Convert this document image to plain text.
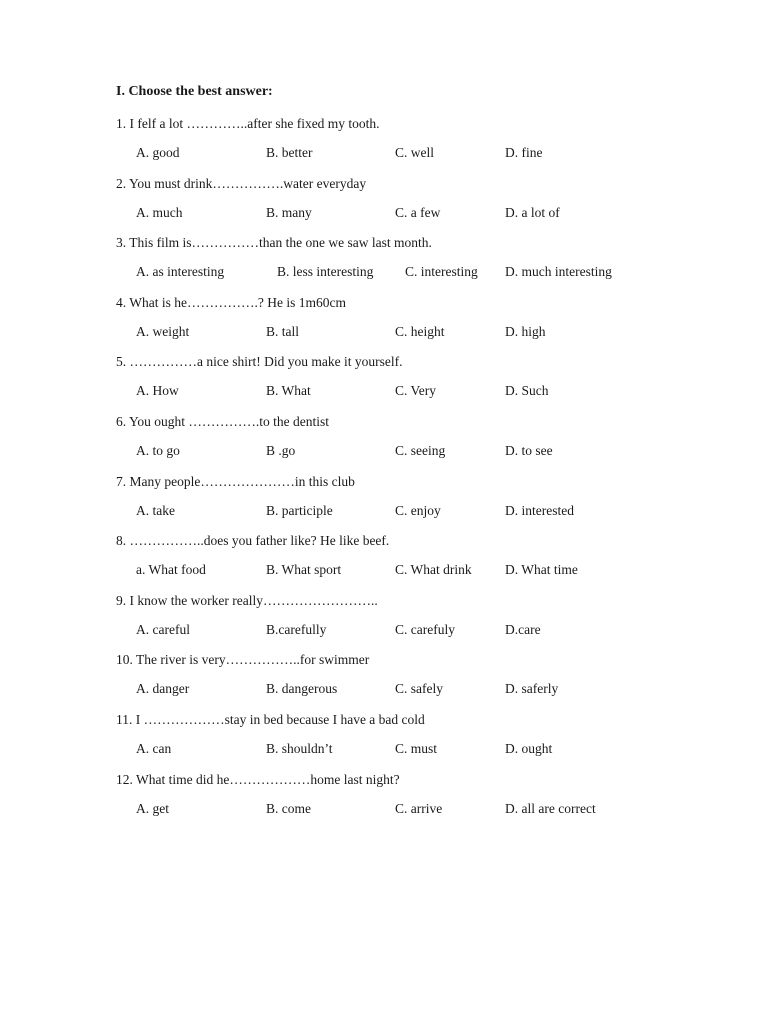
I. Choose the best answer:
1. I felf a lot …………..after she fixed my tooth.
A. good	B. better	C. well	D. fine
2. You must drink…………….water everyday
A. much	B. many	C. a few	D. a lot of
3. This film is……………than the one we saw last month.
A. as interesting	B. less interesting C. interesting D. much interesting
4. What is he…………….? He is 1m60cm
A. weight	B. tall	C. height	D. high
5. ……………a nice shirt! Did you make it yourself.
A. How	B. What	C. Very	D. Such
6. You ought …………….to the dentist
A. to go	B .go	C. seeing	D. to see
7. Many people…………………in this club
A. take	B. participle	C. enjoy	D. interested
8. ……………..does you father like? He like beef.
a. What food	B. What sport	C. What drink D. What time
9. I know the worker really……………………..
A. careful	B.carefully	C. carefuly	D.care
10. The river is very……………..for swimmer
A. danger	B. dangerous	C. safely	D. saferly
11. I ………………stay in bed because I have a bad cold
A. can	B. shouldn’t	C. must	D. ought
12. What time did he………………home last night?
A. get	B. come	C. arrive	D. all are correct
